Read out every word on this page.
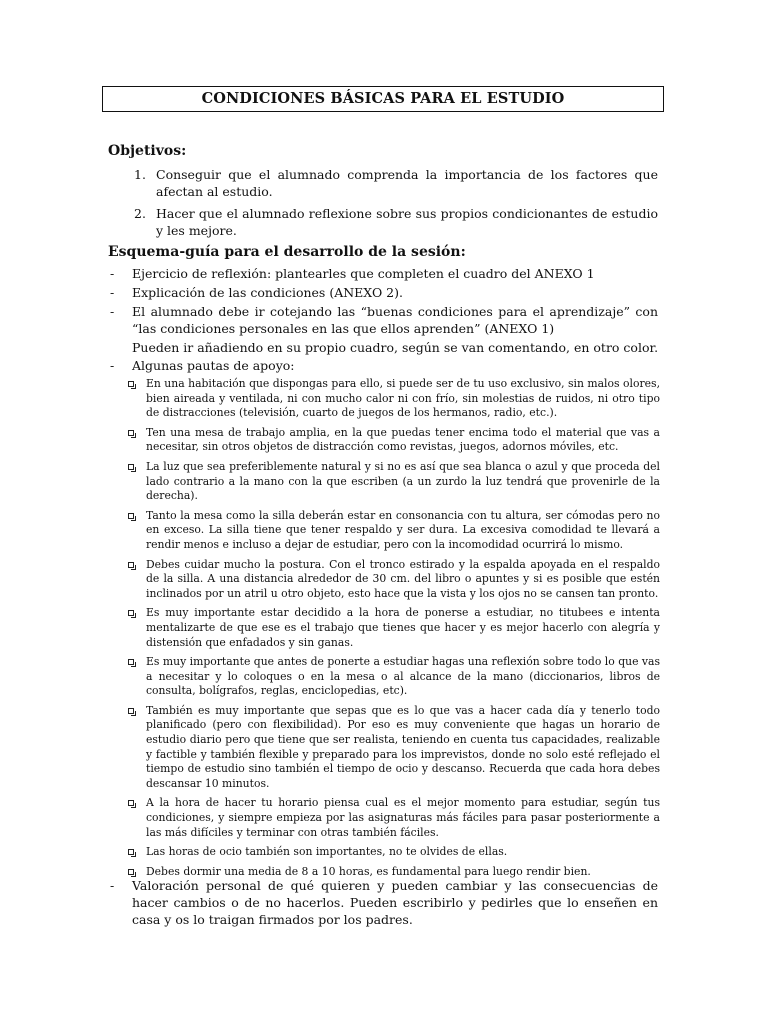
CONDICIONES BÁSICAS PARA EL ESTUDIO
Objetivos:
1. Conseguir que el alumnado comprenda la importancia de los factores que afectan al estudio.
2. Hacer que el alumnado reflexione sobre sus propios condicionantes de estudio y les mejore.
Esquema-guía para el desarrollo de la sesión:
- Ejercicio de reflexión: plantearles que completen el cuadro del ANEXO 1
- Explicación de las condiciones (ANEXO 2).
- El alumnado debe ir cotejando las “buenas condiciones para el aprendizaje” con “las condiciones personales en las que ellos aprenden” (ANEXO 1)
Pueden ir añadiendo en su propio cuadro, según se van comentando, en otro color.
- Algunas pautas de apoyo:
En una habitación que dispongas para ello, si puede ser de tu uso exclusivo, sin malos olores, bien aireada y ventilada, ni con mucho calor ni con frío, sin molestias de ruidos, ni otro tipo de distracciones (televisión, cuarto de juegos de los hermanos, radio, etc.).
Ten una mesa de trabajo amplia, en la que puedas tener encima todo el material que vas a necesitar, sin otros objetos de distracción como revistas, juegos, adornos móviles, etc.
La luz que sea preferiblemente natural y si no es así que sea blanca o azul y que proceda del lado contrario a la mano con la que escriben (a un zurdo la luz tendrá que provenirle de la derecha).
Tanto la mesa como la silla deberán estar en consonancia con tu altura, ser cómodas pero no en exceso. La silla tiene que tener respaldo y ser dura. La excesiva comodidad te llevará a rendir menos e incluso a dejar de estudiar, pero con la incomodidad ocurrirá lo mismo.
Debes cuidar mucho la postura. Con el tronco estirado y la espalda apoyada en el respaldo de la silla. A una distancia alrededor de 30 cm. del libro o apuntes y si es posible que estén inclinados por un atril u otro objeto, esto hace que la vista y los ojos no se cansen tan pronto.
Es muy importante estar decidido a la hora de ponerse a estudiar, no titubees e intenta mentalizarte de que ese es el trabajo que tienes que hacer y es mejor hacerlo con alegría y distensión que enfadados y sin ganas.
Es muy importante que antes de ponerte a estudiar hagas una reflexión sobre todo lo que vas a necesitar y lo coloques o en la mesa o al alcance de la mano (diccionarios, libros de consulta, bolígrafos, reglas, enciclopedias, etc).
También es muy importante que sepas que es lo que vas a hacer cada día y tenerlo todo planificado (pero con flexibilidad). Por eso es muy conveniente que hagas un horario de estudio diario pero que tiene que ser realista, teniendo en cuenta tus capacidades, realizable y factible y también flexible y preparado para los imprevistos, donde no solo esté reflejado el tiempo de estudio sino también el tiempo de ocio y descanso. Recuerda que cada hora debes descansar 10 minutos.
A la hora de hacer tu horario piensa cual es el mejor momento para estudiar, según tus condiciones, y siempre empieza por las asignaturas más fáciles para pasar posteriormente a las más difíciles y terminar con otras también fáciles.
Las horas de ocio también son importantes, no te olvides de ellas.
Debes dormir una media de 8 a 10 horas, es fundamental para luego rendir bien.
- Valoración personal de qué quieren y pueden cambiar y las consecuencias de hacer cambios o de no hacerlos. Pueden escribirlo y pedirles que lo enseñen en casa y os lo traigan firmados por los padres.
